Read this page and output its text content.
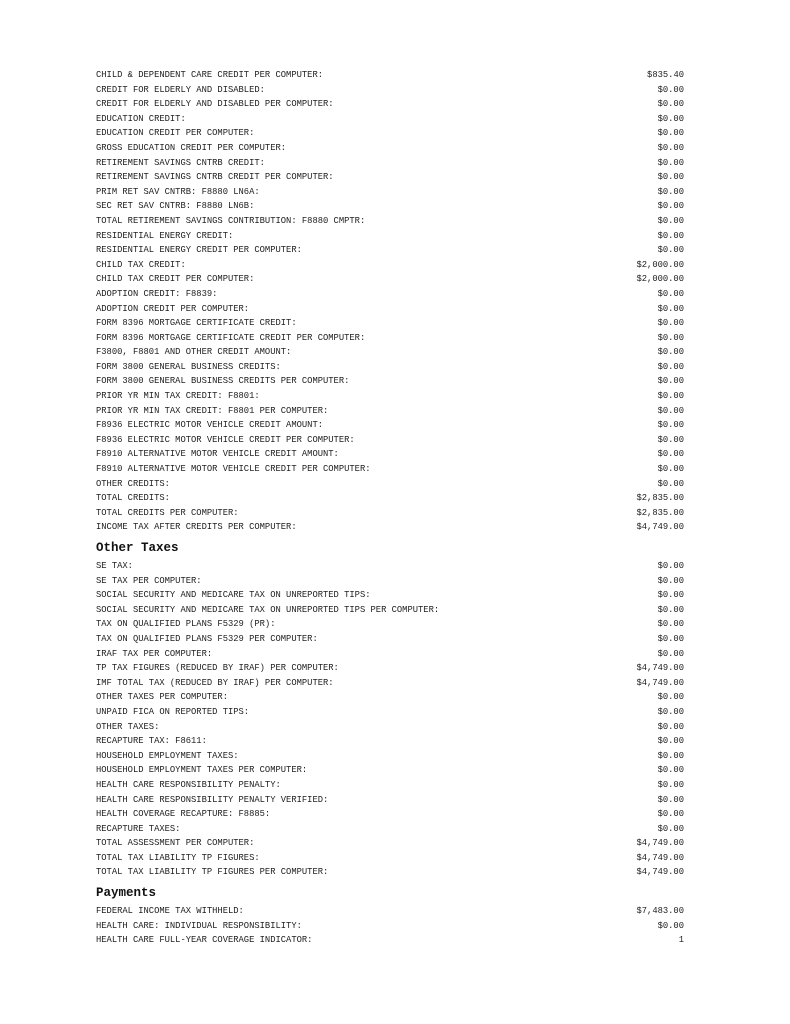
CHILD & DEPENDENT CARE CREDIT PER COMPUTER:	$835.40
CREDIT FOR ELDERLY AND DISABLED:	$0.00
CREDIT FOR ELDERLY AND DISABLED PER COMPUTER:	$0.00
EDUCATION CREDIT:	$0.00
EDUCATION CREDIT PER COMPUTER:	$0.00
GROSS EDUCATION CREDIT PER COMPUTER:	$0.00
RETIREMENT SAVINGS CNTRB CREDIT:	$0.00
RETIREMENT SAVINGS CNTRB CREDIT PER COMPUTER:	$0.00
PRIM RET SAV CNTRB: F8880 LN6A:	$0.00
SEC RET SAV CNTRB: F8880 LN6B:	$0.00
TOTAL RETIREMENT SAVINGS CONTRIBUTION: F8880 CMPTR:	$0.00
RESIDENTIAL ENERGY CREDIT:	$0.00
RESIDENTIAL ENERGY CREDIT PER COMPUTER:	$0.00
CHILD TAX CREDIT:	$2,000.00
CHILD TAX CREDIT PER COMPUTER:	$2,000.00
ADOPTION CREDIT: F8839:	$0.00
ADOPTION CREDIT PER COMPUTER:	$0.00
FORM 8396 MORTGAGE CERTIFICATE CREDIT:	$0.00
FORM 8396 MORTGAGE CERTIFICATE CREDIT PER COMPUTER:	$0.00
F3800, F8801 AND OTHER CREDIT AMOUNT:	$0.00
FORM 3800 GENERAL BUSINESS CREDITS:	$0.00
FORM 3800 GENERAL BUSINESS CREDITS PER COMPUTER:	$0.00
PRIOR YR MIN TAX CREDIT: F8801:	$0.00
PRIOR YR MIN TAX CREDIT: F8801 PER COMPUTER:	$0.00
F8936 ELECTRIC MOTOR VEHICLE CREDIT AMOUNT:	$0.00
F8936 ELECTRIC MOTOR VEHICLE CREDIT PER COMPUTER:	$0.00
F8910 ALTERNATIVE MOTOR VEHICLE CREDIT AMOUNT:	$0.00
F8910 ALTERNATIVE MOTOR VEHICLE CREDIT PER COMPUTER:	$0.00
OTHER CREDITS:	$0.00
TOTAL CREDITS:	$2,835.00
TOTAL CREDITS PER COMPUTER:	$2,835.00
INCOME TAX AFTER CREDITS PER COMPUTER:	$4,749.00
Other Taxes
SE TAX:	$0.00
SE TAX PER COMPUTER:	$0.00
SOCIAL SECURITY AND MEDICARE TAX ON UNREPORTED TIPS:	$0.00
SOCIAL SECURITY AND MEDICARE TAX ON UNREPORTED TIPS PER COMPUTER:	$0.00
TAX ON QUALIFIED PLANS F5329 (PR):	$0.00
TAX ON QUALIFIED PLANS F5329 PER COMPUTER:	$0.00
IRAF TAX PER COMPUTER:	$0.00
TP TAX FIGURES (REDUCED BY IRAF) PER COMPUTER:	$4,749.00
IMF TOTAL TAX (REDUCED BY IRAF) PER COMPUTER:	$4,749.00
OTHER TAXES PER COMPUTER:	$0.00
UNPAID FICA ON REPORTED TIPS:	$0.00
OTHER TAXES:	$0.00
RECAPTURE TAX: F8611:	$0.00
HOUSEHOLD EMPLOYMENT TAXES:	$0.00
HOUSEHOLD EMPLOYMENT TAXES PER COMPUTER:	$0.00
HEALTH CARE RESPONSIBILITY PENALTY:	$0.00
HEALTH CARE RESPONSIBILITY PENALTY VERIFIED:	$0.00
HEALTH COVERAGE RECAPTURE: F8885:	$0.00
RECAPTURE TAXES:	$0.00
TOTAL ASSESSMENT PER COMPUTER:	$4,749.00
TOTAL TAX LIABILITY TP FIGURES:	$4,749.00
TOTAL TAX LIABILITY TP FIGURES PER COMPUTER:	$4,749.00
Payments
FEDERAL INCOME TAX WITHHELD:	$7,483.00
HEALTH CARE: INDIVIDUAL RESPONSIBILITY:	$0.00
HEALTH CARE FULL-YEAR COVERAGE INDICATOR:	1
